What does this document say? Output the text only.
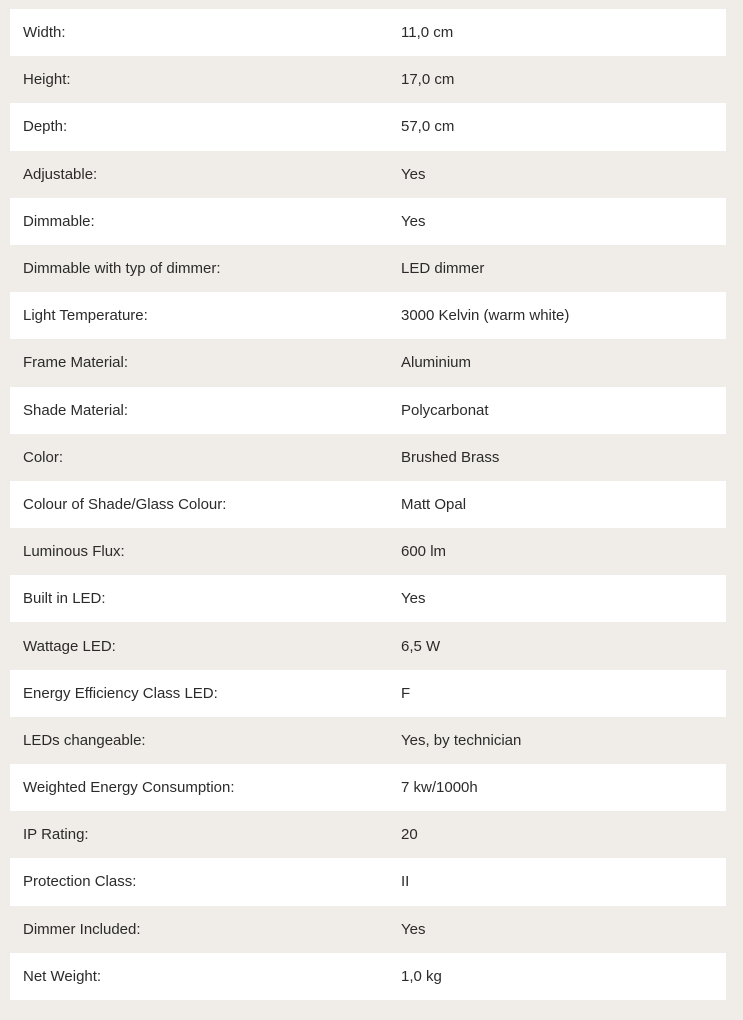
Width:	11,0 cm
Height:	17,0 cm
Depth:	57,0 cm
Adjustable:	Yes
Dimmable:	Yes
Dimmable with typ of dimmer:	LED dimmer
Light Temperature:	3000 Kelvin (warm white)
Frame Material:	Aluminium
Shade Material:	Polycarbonat
Color:	Brushed Brass
Colour of Shade/Glass Colour:	Matt Opal
Luminous Flux:	600 lm
Built in LED:	Yes
Wattage LED:	6,5 W
Energy Efficiency Class LED:	F
LEDs changeable:	Yes, by technician
Weighted Energy Consumption:	7 kw/1000h
IP Rating:	20
Protection Class:	II
Dimmer Included:	Yes
Net Weight:	1,0 kg
